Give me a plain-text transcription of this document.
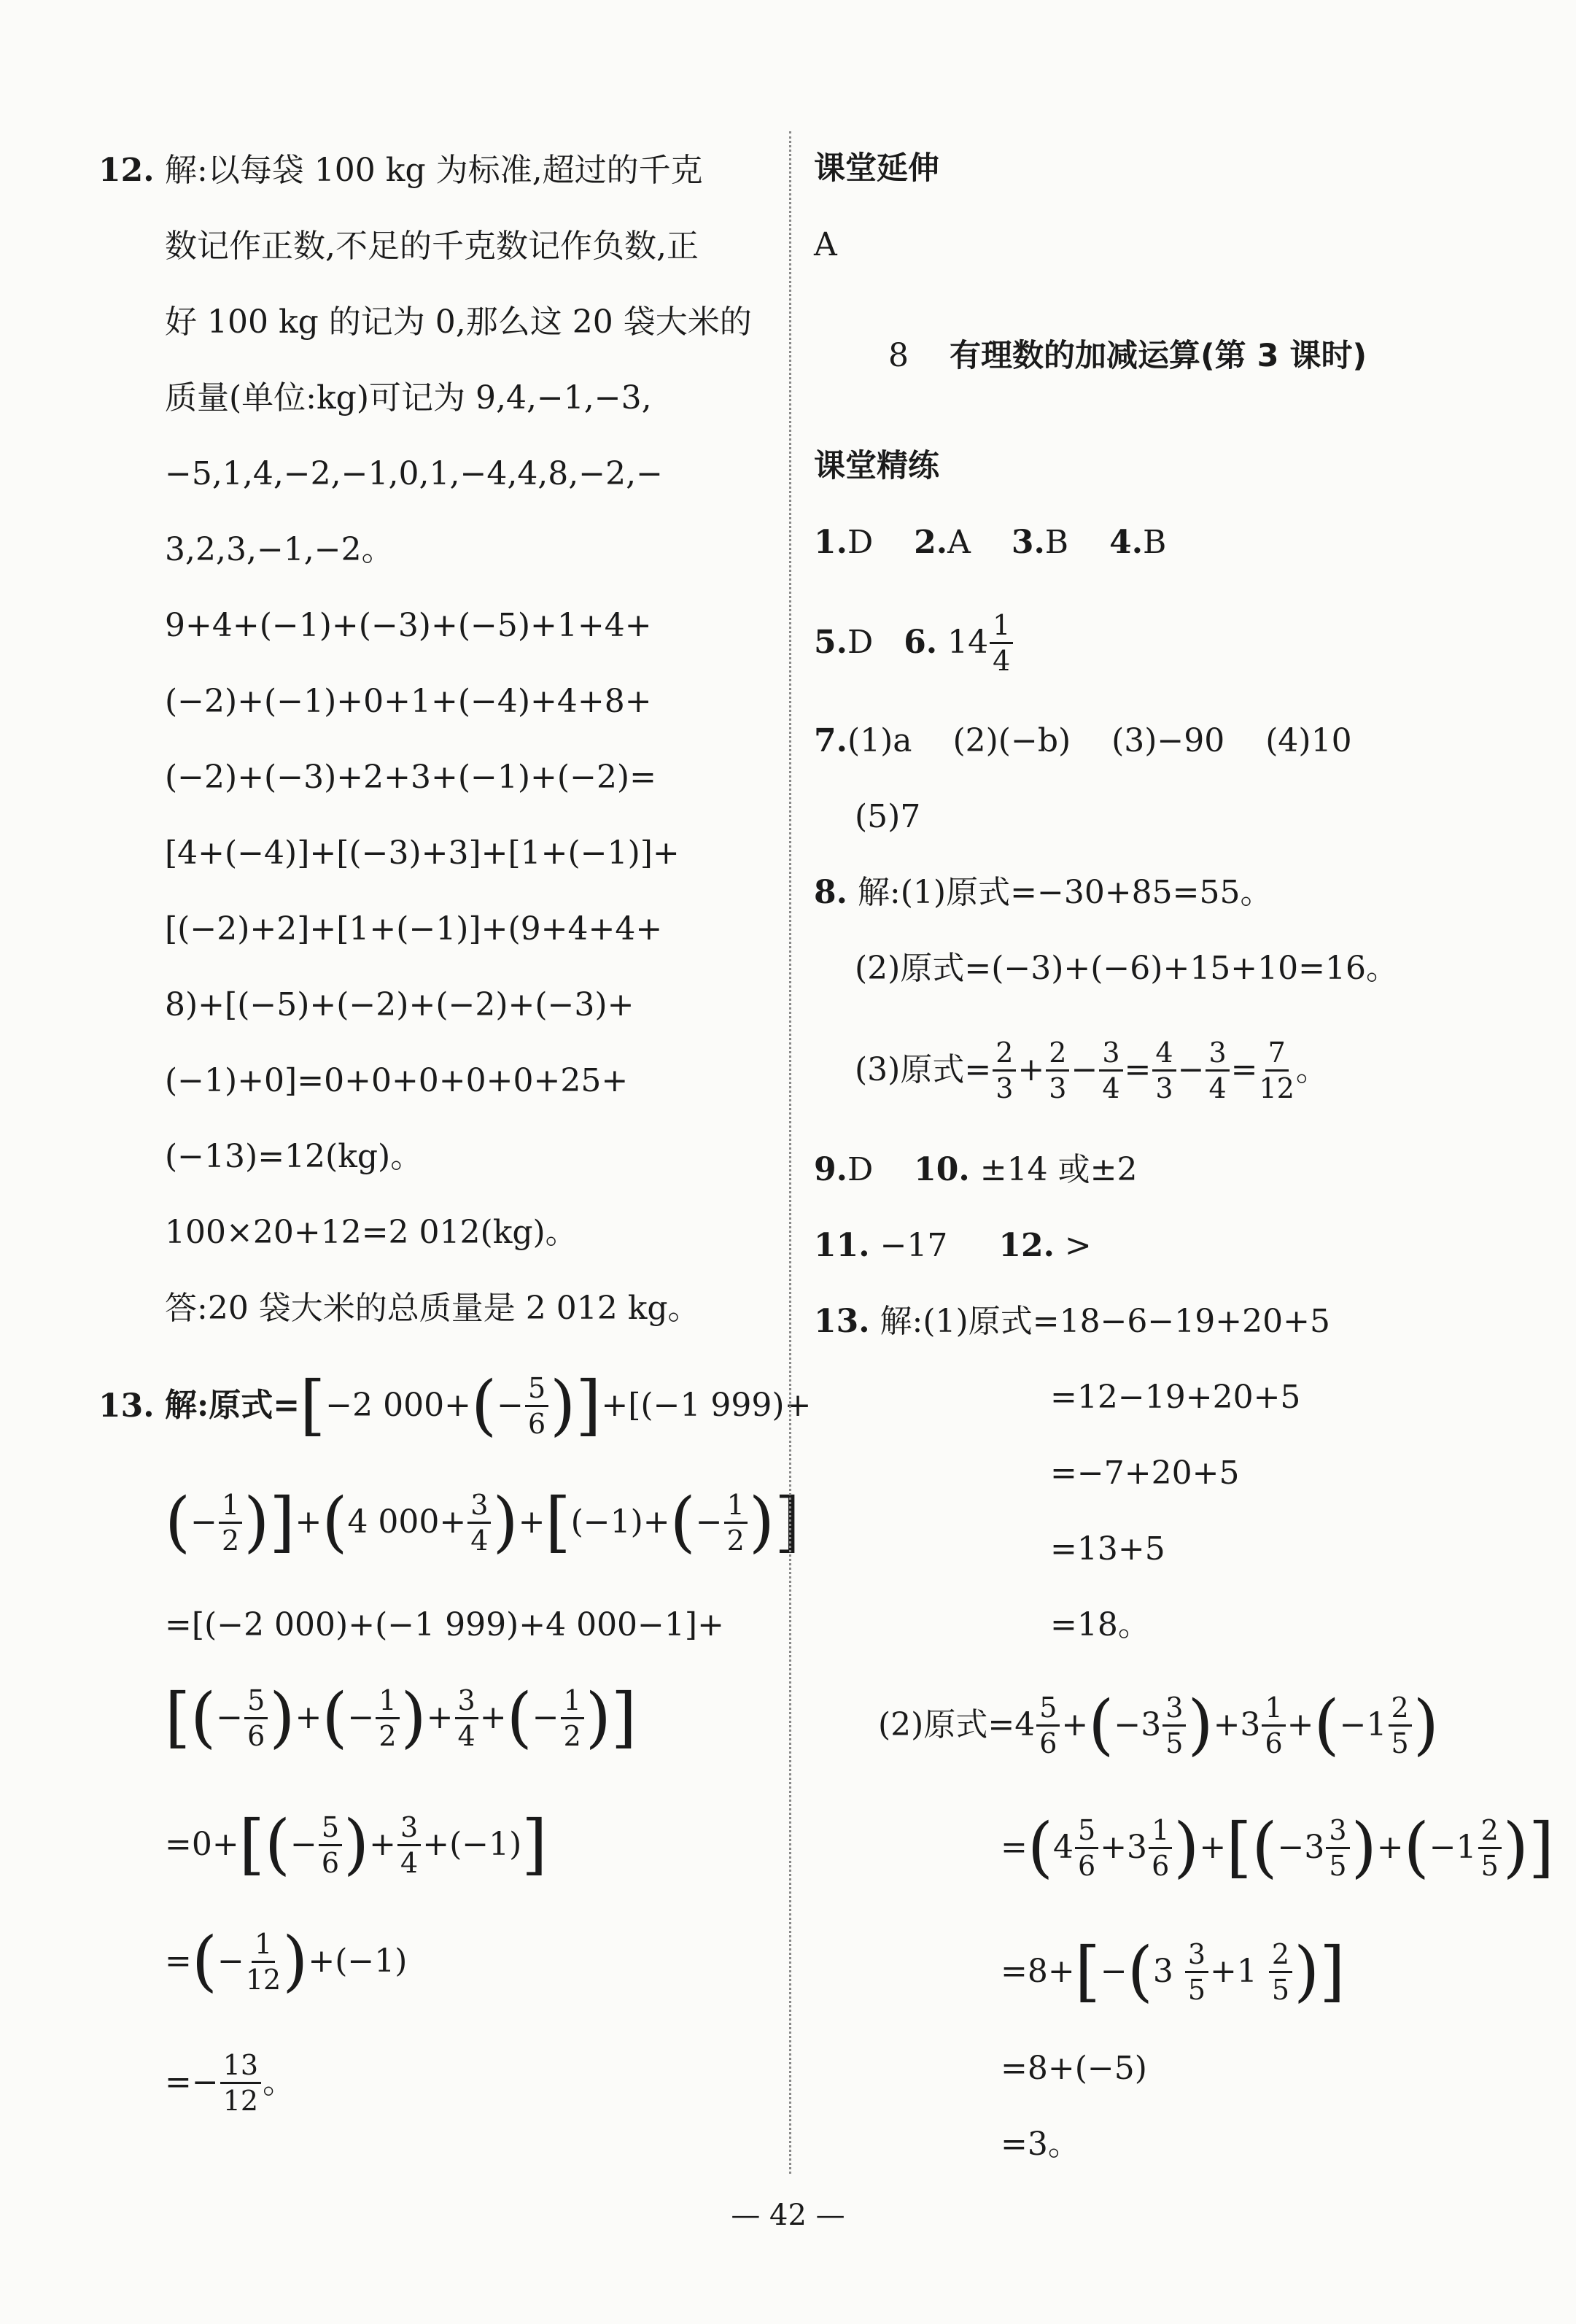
12. 解:以每袋 100 kg 为标准,超过的千克
数记作正数,不足的千克数记作负数,正
好 100 kg 的记为 0,那么这 20 袋大米的
质量(单位:kg)可记为 9,4,−1,−3,
−5,1,4,−2,−1,0,1,−4,4,8,−2,−
3,2,3,−1,−2。
9+4+(−1)+(−3)+(−5)+1+4+
(−2)+(−1)+0+1+(−4)+4+8+
(−2)+(−3)+2+3+(−1)+(−2)=
[4+(−4)]+[(−3)+3]+[1+(−1)]+
[(−2)+2]+[1+(−1)]+(9+4+4+
8)+[(−5)+(−2)+(−2)+(−3)+
(−1)+0]=0+0+0+0+0+25+
(−13)=12(kg)。
100×20+12=2 012(kg)。
答:20 袋大米的总质量是 2 012 kg。
13. 解:原式= [ −2 000+ ( − $\frac{5}{6}$ ) ] +[(−1 999)+
( − $\frac{1}{2}$ ) ] + ( 4 $000+ \frac{3}{4}$ ) + [ (−1)+ ( − $\frac{1}{2}$ ) ]
=[(−2 000)+(−1 999)+4 000−1]+
[ ( − $\frac{5}{6}$ ) + ( − $\frac{1}{2}$ ) + $\frac{3}{4}$ + ( − $\frac{1}{2}$ ) ]
=0+ [ ( − $\frac{5}{6}$ ) + $\frac{3}{4} +(-1)$ ]
= ( − $\frac{1}{12}$ ) +(−1)
=− $\frac{13}{12}$ 。
课堂延伸
A
8 有理数的加减运算(第 3 课时)
课堂精练
1.D 2.A 3.B 4.B
5. D
6.
$14 \frac{1}{4}$
7.(1)a (2)(−b) (3)−90 (4)10
(5)7
8. 解:(1)原式=−30+85=55。
(2)原式=(−3)+(−6)+15+10=16。
(3)原式= $\frac{2}{3} + \frac{2}{3} - \frac{3}{4} = \frac{4}{3} - \frac{3}{4} = \frac{7}{12}$ 。
9.D 10. ±14 或±2
11. −17 12. >
13. 解:(1)原式=18−6−19+20+5
=12−19+20+5
=−7+20+5
=13+5
=18。
(2)原式$=4 \frac{5}{6}$ + ( $-3 \frac{3}{5}$ ) $+3 \frac{1}{6}$ + ( $-1 \frac{2}{5}$ )
= ( $4 \frac{5}{6} +3 \frac{1}{6}$ ) + [ ( $-3 \frac{3}{5}$ ) + ( $-1 \frac{2}{5}$ ) ]
=8+ [ − ( 3
$\frac{3}{5} +1$
$\frac{2}{5}$ ) ]
=8+(−5)
=3。
— 42 —
